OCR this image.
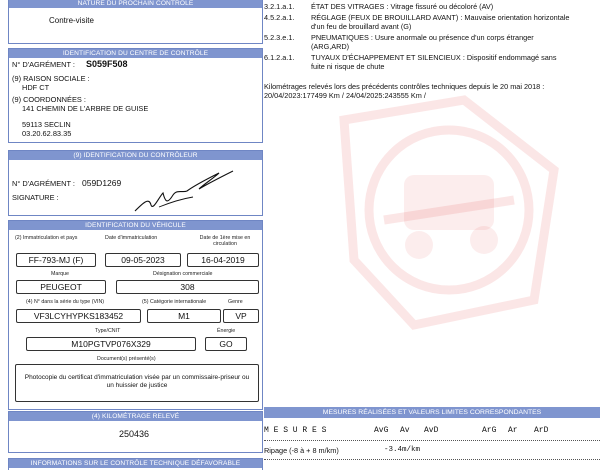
NATURE DU PROCHAIN CONTRÔLE
Contre-visite
IDENTIFICATION DU CENTRE DE CONTRÔLE
N° D'AGRÉMENT : S059F508
(9) RAISON SOCIALE :
HDF CT
(9) COORDONNÉES :
141 CHEMIN DE L'ARBRE DE GUISE
59113 SECLIN
03.20.62.83.35
(9) IDENTIFICATION DU CONTRÔLEUR
N° D'AGRÉMENT : 059D1269
SIGNATURE :
IDENTIFICATION DU VÉHICULE
(2) Immatriculation et pays	Date d'immatriculation	Date de 1ère mise en circulation
FF-793-MJ (F)	09-05-2023	16-04-2019
Marque	Désignation commerciale
PEUGEOT	308
(4) N° dans la série du type (VIN)	(5) Catégorie internationale	Genre
VF3LCYHYPKS183452	M1	VP
Type/CNIT	Énergie
M10PGTVP076X329	GO
Document(s) présenté(s)
Photocopie du certificat d'immatriculation visée par un commissaire-priseur ou
un huissier de justice
(4) KILOMÉTRAGE RELEVÉ
250436
INFORMATIONS SUR LE CONTRÔLE TECHNIQUE DÉFAVORABLE
3.2.1.a.1. ÉTAT DES VITRAGES : Vitrage fissuré ou décoloré (AV)
4.5.2.a.1. RÉGLAGE (FEUX DE BROUILLARD AVANT) : Mauvaise orientation horizontale
d'un feu de brouillard avant (G)
5.2.3.e.1. PNEUMATIQUES : Usure anormale ou présence d'un corps étranger
(ARG,ARD)
6.1.2.a.1. TUYAUX D'ÉCHAPPEMENT ET SILENCIEUX : Dispositif endommagé sans
fuite ni risque de chute
Kilométrages relevés lors des précédents contrôles techniques depuis le 20 mai 2018 :
20/04/2023:177499 Km / 24/04/2025:243555 Km /
MESURES RÉALISÉES ET VALEURS LIMITES CORRESPONDANTES
M E S U R E S	AvG Av AvD	ArG Ar ArD
Ripage (-8 à + 8 m/km)	-3.4m/km
